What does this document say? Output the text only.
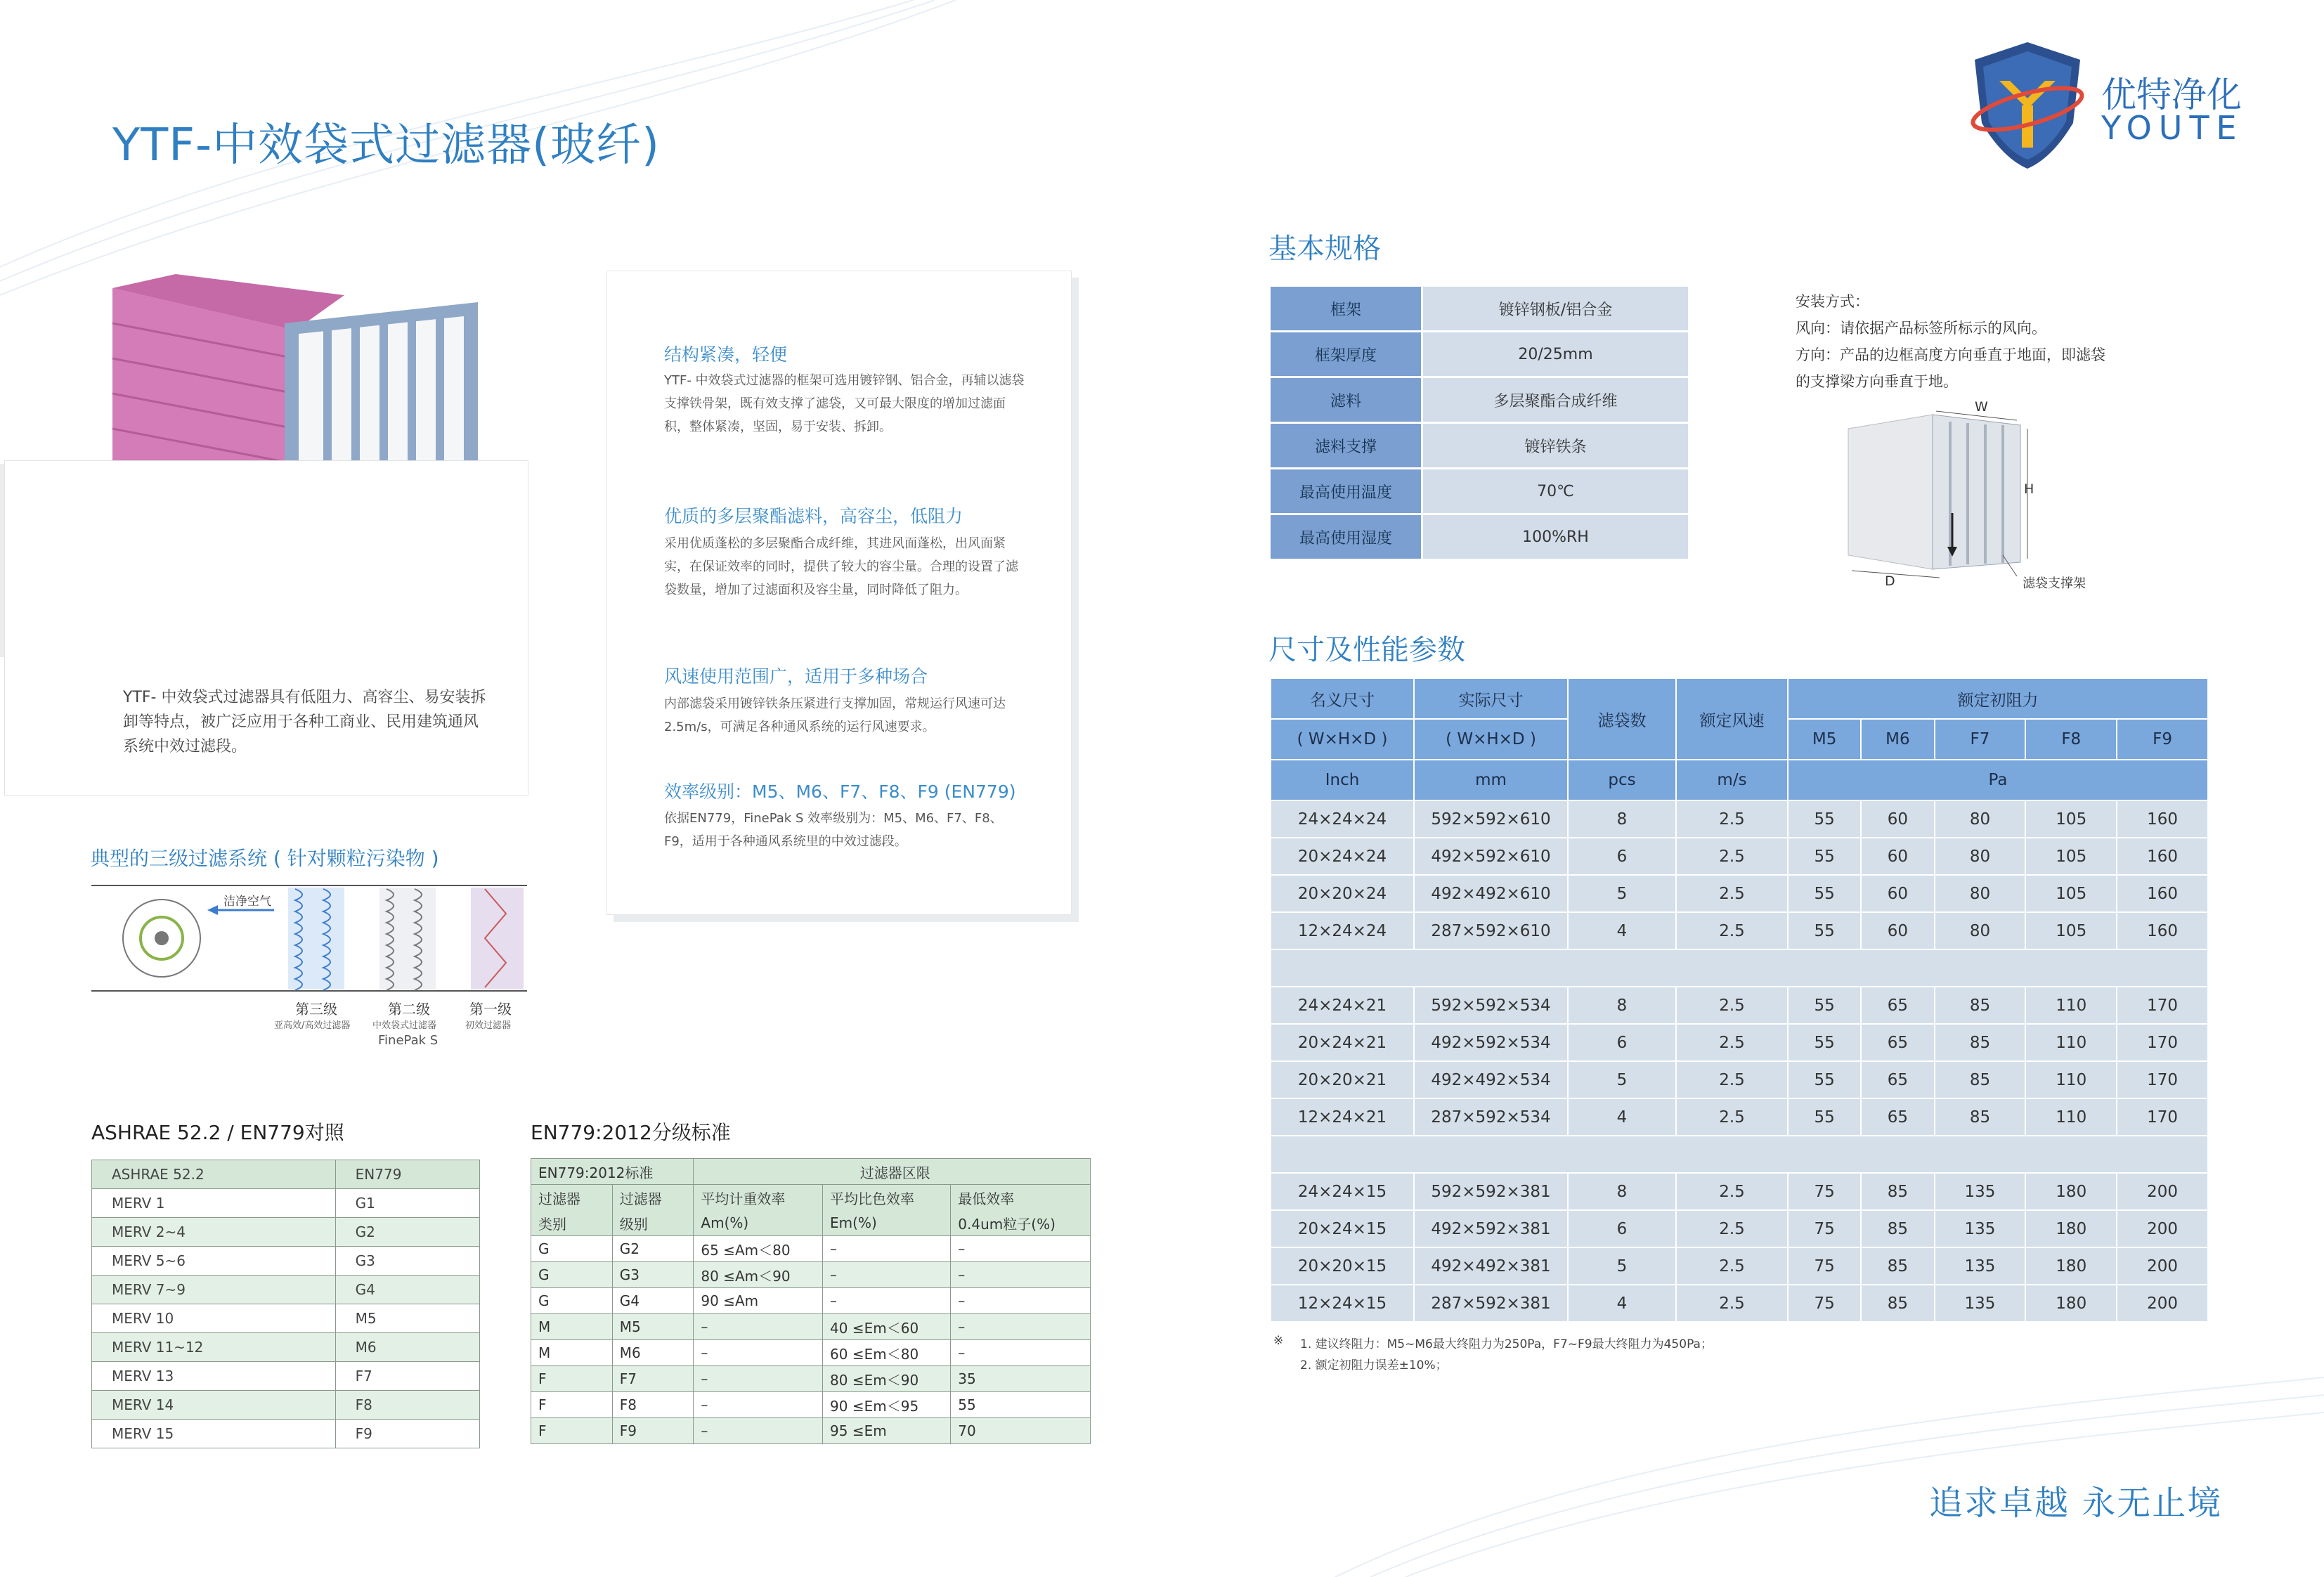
YTF-中效袋式过滤器(玻纤)
优特净化
YOUTE
YTF- 中效袋式过滤器具有低阻力、高容尘、易安装拆卸等特点，被广泛应用于各种工商业、民用建筑通风系统中效过滤段。
结构紧凑，轻便
YTF- 中效袋式过滤器的框架可选用镀锌钢、铝合金，再辅以滤袋支撑铁骨架，既有效支撑了滤袋，又可最大限度的增加过滤面积，整体紧凑，坚固，易于安装、拆卸。
优质的多层聚酯滤料，高容尘，低阻力
采用优质蓬松的多层聚酯合成纤维，其进风面蓬松，出风面紧实，在保证效率的同时，提供了较大的容尘量。合理的设置了滤袋数量，增加了过滤面积及容尘量，同时降低了阻力。
风速使用范围广，适用于多种场合
内部滤袋采用镀锌铁条压紧进行支撑加固，常规运行风速可达2.5m/s，可满足各种通风系统的运行风速要求。
效率级别：M5、M6、F7、F8、F9 (EN779)
依据EN779，FinePak S 效率级别为：M5、M6、F7、F8、F9，适用于各种通风系统里的中效过滤段。
典型的三级过滤系统 ( 针对颗粒污染物 )
洁净空气
第三级
亚高效/高效过滤器
第二级
中效袋式过滤器
FinePak S
第一级
初效过滤器
ASHRAE 52.2 / EN779对照
ASHRAE 52.2	EN779
MERV 1	G1
MERV 2~4	G2
MERV 5~6	G3
MERV 7~9	G4
MERV 10	M5
MERV 11~12	M6
MERV 13	F7
MERV 14	F8
MERV 15	F9
EN779:2012分级标准
EN779:2012标准		过滤器区限		
过滤器	过滤器	平均计重效率	平均比色效率	最低效率
类别	级别	Am(%)	Em(%)	0.4um粒子(%)
G	G2	65 ≤Am＜80	–	–
G	G3	80 ≤Am＜90	–	–
G	G4	90 ≤Am	–	–
M	M5	–	40 ≤Em＜60	–
M	M6	–	60 ≤Em＜80	–
F	F7	–	80 ≤Em＜90	35
F	F8	–	90 ≤Em＜95	55
F	F9	–	95 ≤Em	70
基本规格
框架	镀锌钢板/铝合金
框架厚度	20/25mm
滤料	多层聚酯合成纤维
滤料支撑	镀锌铁条
最高使用温度	70℃
最高使用湿度	100%RH
安装方式：
风向：请依据产品标签所标示的风向。
方向：产品的边框高度方向垂直于地面，即滤袋
的支撑梁方向垂直于地。
W
H
D	滤袋支撑架
尺寸及性能参数
名义尺寸	实际尺寸	滤袋数	额定风速	额定初阻力				
( W×H×D )	( W×H×D )			M5	M6	F7	F8	F9
Inch	mm	pcs	m/s	Pa				
24×24×24	592×592×610	8	2.5	55	60	80	105	160
20×24×24	492×592×610	6	2.5	55	60	80	105	160
20×20×24	492×492×610	5	2.5	55	60	80	105	160
12×24×24	287×592×610	4	2.5	55	60	80	105	160

24×24×21	592×592×534	8	2.5	55	65	85	110	170
20×24×21	492×592×534	6	2.5	55	65	85	110	170
20×20×21	492×492×534	5	2.5	55	65	85	110	170
12×24×21	287×592×534	4	2.5	55	65	85	110	170

24×24×15	592×592×381	8	2.5	75	85	135	180	200
20×24×15	492×592×381	6	2.5	75	85	135	180	200
20×20×15	492×492×381	5	2.5	75	85	135	180	200
12×24×15	287×592×381	4	2.5	75	85	135	180	200
※ 1. 建议终阻力：M5~M6最大终阻力为250Pa，F7~F9最大终阻力为450Pa；
2. 额定初阻力误差±10%；
追求卓越 永无止境
